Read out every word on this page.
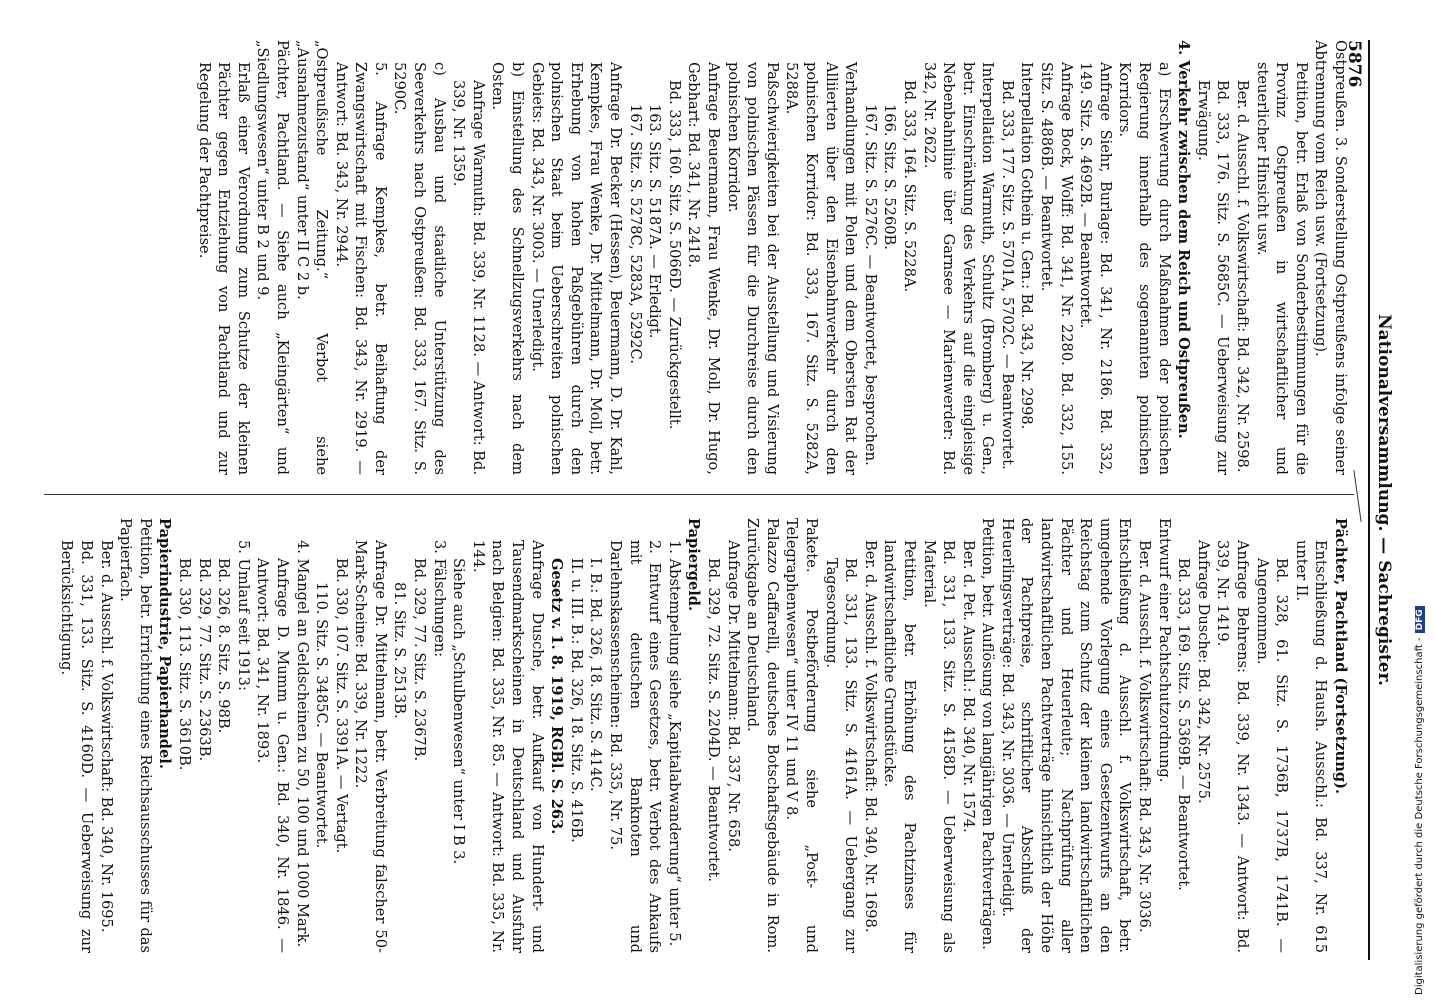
Nationalversammlung. — Sachregister.
5876

Ostpreußen. 3. Sonderstellung Ostpreußens infolge seiner Abtrennung vom Reich usw. (Fortsetzung).

Petition, betr. Erlaß von Sonderbestimmungen für die Provinz Ostpreußen in wirtschaftlicher und steuerlicher Hinsicht usw.

Ber. d. Ausschl. f. Volkswirtschaft: Bd. 342, Nr. 2598.

Bd. 333, 176. Sitz. S. 5685C. — Ueberweisung zur Erwägung.

4. Verkehr zwischen dem Reich und Ostpreußen.

a) Erschwerung durch Maßnahmen der polnischen Regierung innerhalb des sogenannten polnischen Korridors.

Anfrage Siehr, Burlage: Bd. 341, Nr. 2186. Bd. 332, 149. Sitz. S. 4692B. — Beantwortet.

Anfrage Bock, Wolff: Bd. 341, Nr. 2280. Bd. 332, 155. Sitz. S. 4886B. — Beantwortet.

Interpellation Gothein u. Gen.: Bd. 343, Nr. 2998.

Bd. 333, 177. Sitz. S. 5701A, 5702C. — Beantwortet.

Interpellation Warmuth, Schultz (Bromberg) u. Gen., betr. Einschränkung des Verkehrs auf die eingleisige Nebenbahnlinie über Garnsee — Marienwerder: Bd. 342, Nr. 2622.

Bd. 333, 164. Sitz. S. 5228A.

166. Sitz. S. 5260B.

167. Sitz. S. 5276C. — Beantwortet, besprochen.

Verhandlungen mit Polen und dem Obersten Rat der Alliierten über den Eisenbahnverkehr durch den polnischen Korridor: Bd. 333, 167. Sitz. S. 5282A, 5288A.

Paßschwierigkeiten bei der Ausstellung und Visierung von polnischen Pässen für die Durchreise durch den polnischen Korridor.

Anfrage Beuermann, Frau Wenke, Dr. Moll, Dr. Hugo, Gebhart: Bd. 341, Nr. 2418.

Bd. 333, 160. Sitz. S. 5066D. — Zurückgestellt.

163. Sitz. S. 5187A. — Erledigt.

167. Sitz. S. 5278C, 5283A, 5292C.

Anfrage Dr. Becker (Hessen), Beuermann, D. Dr. Kahl, Kempkes, Frau Wenke, Dr. Mittelmann, Dr. Moll, betr. Erhebung von hohen Paßgebühren durch den polnischen Staat beim Ueberschreiten polnischen Gebiets: Bd. 343, Nr. 3003. — Unerledigt.

b) Einstellung des Schnellzugsverkehrs nach dem Osten.

Anfrage Warmuth: Bd. 339, Nr. 1128. — Antwort: Bd. 339, Nr. 1359.

c) Ausbau und staatliche Unterstützung des Seeverkehrs nach Ostpreußen: Bd. 333, 167. Sitz. S. 5290C.

5. Anfrage Kempkes, betr. Beihaftung der Zwangswirtschaft mit Fischen: Bd. 343, Nr. 2919. — Antwort: Bd. 343, Nr. 2944.

„Ostpreußische Zeitung.“ Verbot siehe „Ausnahmezustand“ unter II C 2 b.

Pächter, Pachtland. — Siehe auch „Kleingärten“ und „Siedlungswesen“ unter B 2 und 9.

Erlaß einer Verordnung zum Schutze der kleinen Pächter gegen Entziehung von Pachtland und zur Regelung der Pachtpreise.

Pächter, Pachtland (Fortsetzung).

Entschließung d. Haush. Ausschl.: Bd. 337, Nr. 615 unter II.

Bd. 328, 61. Sitz. S. 1736B, 1737B, 1741B. — Angenommen.

Anfrage Behrens: Bd. 339, Nr. 1343. — Antwort: Bd. 339, Nr. 1419.

Anfrage Dusche: Bd. 342, Nr. 2575.

Bd. 333, 169. Sitz. S. 5369B. — Beantwortet.

Entwurf einer Pachtschutzordnung.

Ber. d. Ausschl. f. Volkswirtschaft: Bd. 343, Nr. 3036.

Entschließung d. Ausschl. f. Volkswirtschaft, betr. umgehende Vorlegung eines Gesetzentwurfs an den Reichstag zum Schutz der kleinen landwirtschaftlichen Pächter und Heuerleute; Nachprüfung aller landwirtschaftlichen Pachtverträge hinsichtlich der Höhe der Pachtpreise, schriftlicher Abschluß der Heuerlingsverträge: Bd. 343, Nr. 3036. — Unerledigt.

Petition, betr. Auflösung von langjährigen Pachtverträgen.

Ber. d. Pet. Ausschl.: Bd. 340, Nr. 1574.

Bd. 331, 133. Sitz. S. 4158D. — Ueberweisung als Material.

Petition, betr. Erhöhung des Pachtzinses für landwirtschaftliche Grundstücke.

Ber. d. Ausschl. f. Volkswirtschaft: Bd. 340, Nr. 1698.

Bd. 331, 133. Sitz. S. 4161A. — Uebergang zur Tagesordnung.

Pakete. Postbeförderung siehe „Post- und Telegraphenwesen“ unter IV 11 und V 8.

Palazzo Caffarelli, deutsches Botschaftsgebäude in Rom. Zurückgabe an Deutschland.

Anfrage Dr. Mittelmann: Bd. 337, Nr. 658.

Bd. 329, 72. Sitz. S. 2204D. — Beantwortet.

Papiergeld.

1. Abstempelung siehe „Kapitalabwanderung“ unter 5.

2. Entwurf eines Gesetzes, betr. Verbot des Ankaufs mit deutschen Banknoten und Darlehnskassenscheinen: Bd. 335, Nr. 75.

I. B.: Bd. 326, 18. Sitz. S. 414C.

II. u. III. B.: Bd. 326, 18. Sitz. S. 416B.

Gesetz v. 1. 8. 1919, RGBl. S. 263.

Anfrage Dusche, betr. Aufkauf von Hundert- und Tausendmarkscheinen in Deutschland und Ausfuhr nach Belgien: Bd. 335, Nr. 85. — Antwort: Bd. 335, Nr. 144.

Siehe auch „Schulbenwesen“ unter I B 3.

3. Fälschungen:

Bd. 329, 77. Sitz. S. 2367B.

81. Sitz. S. 2513B.

Anfrage Dr. Mittelmann, betr. Verbreitung falscher 50-Mark-Scheine: Bd. 339, Nr. 1222.

Bd. 330, 107. Sitz. S. 3391A. — Vertagt.

110. Sitz. S. 3485C. — Beantwortet.

4. Mangel an Geldscheinen zu 50, 100 und 1000 Mark.

Anfrage D. Mumm u. Gen.: Bd. 340, Nr. 1846. — Antwort: Bd. 341, Nr. 1893.

5. Umlauf seit 1913:

Bd. 326, 8. Sitz. S. 98B.

Bd. 329, 77. Sitz. S. 2363B.

Bd. 330, 113. Sitz. S. 3610B.

Papierindustrie, Papierhandel.

Petition, betr. Errichtung eines Reichsausschusses für das Papierfach.

Ber. d. Ausschl. f. Volkswirtschaft: Bd. 340, Nr. 1695.

Bd. 331, 133. Sitz. S. 4160D. — Ueberweisung zur Berücksichtigung.

Digitalisierung gefördert durch die Deutsche Forschungsgemeinschaft -DFG
